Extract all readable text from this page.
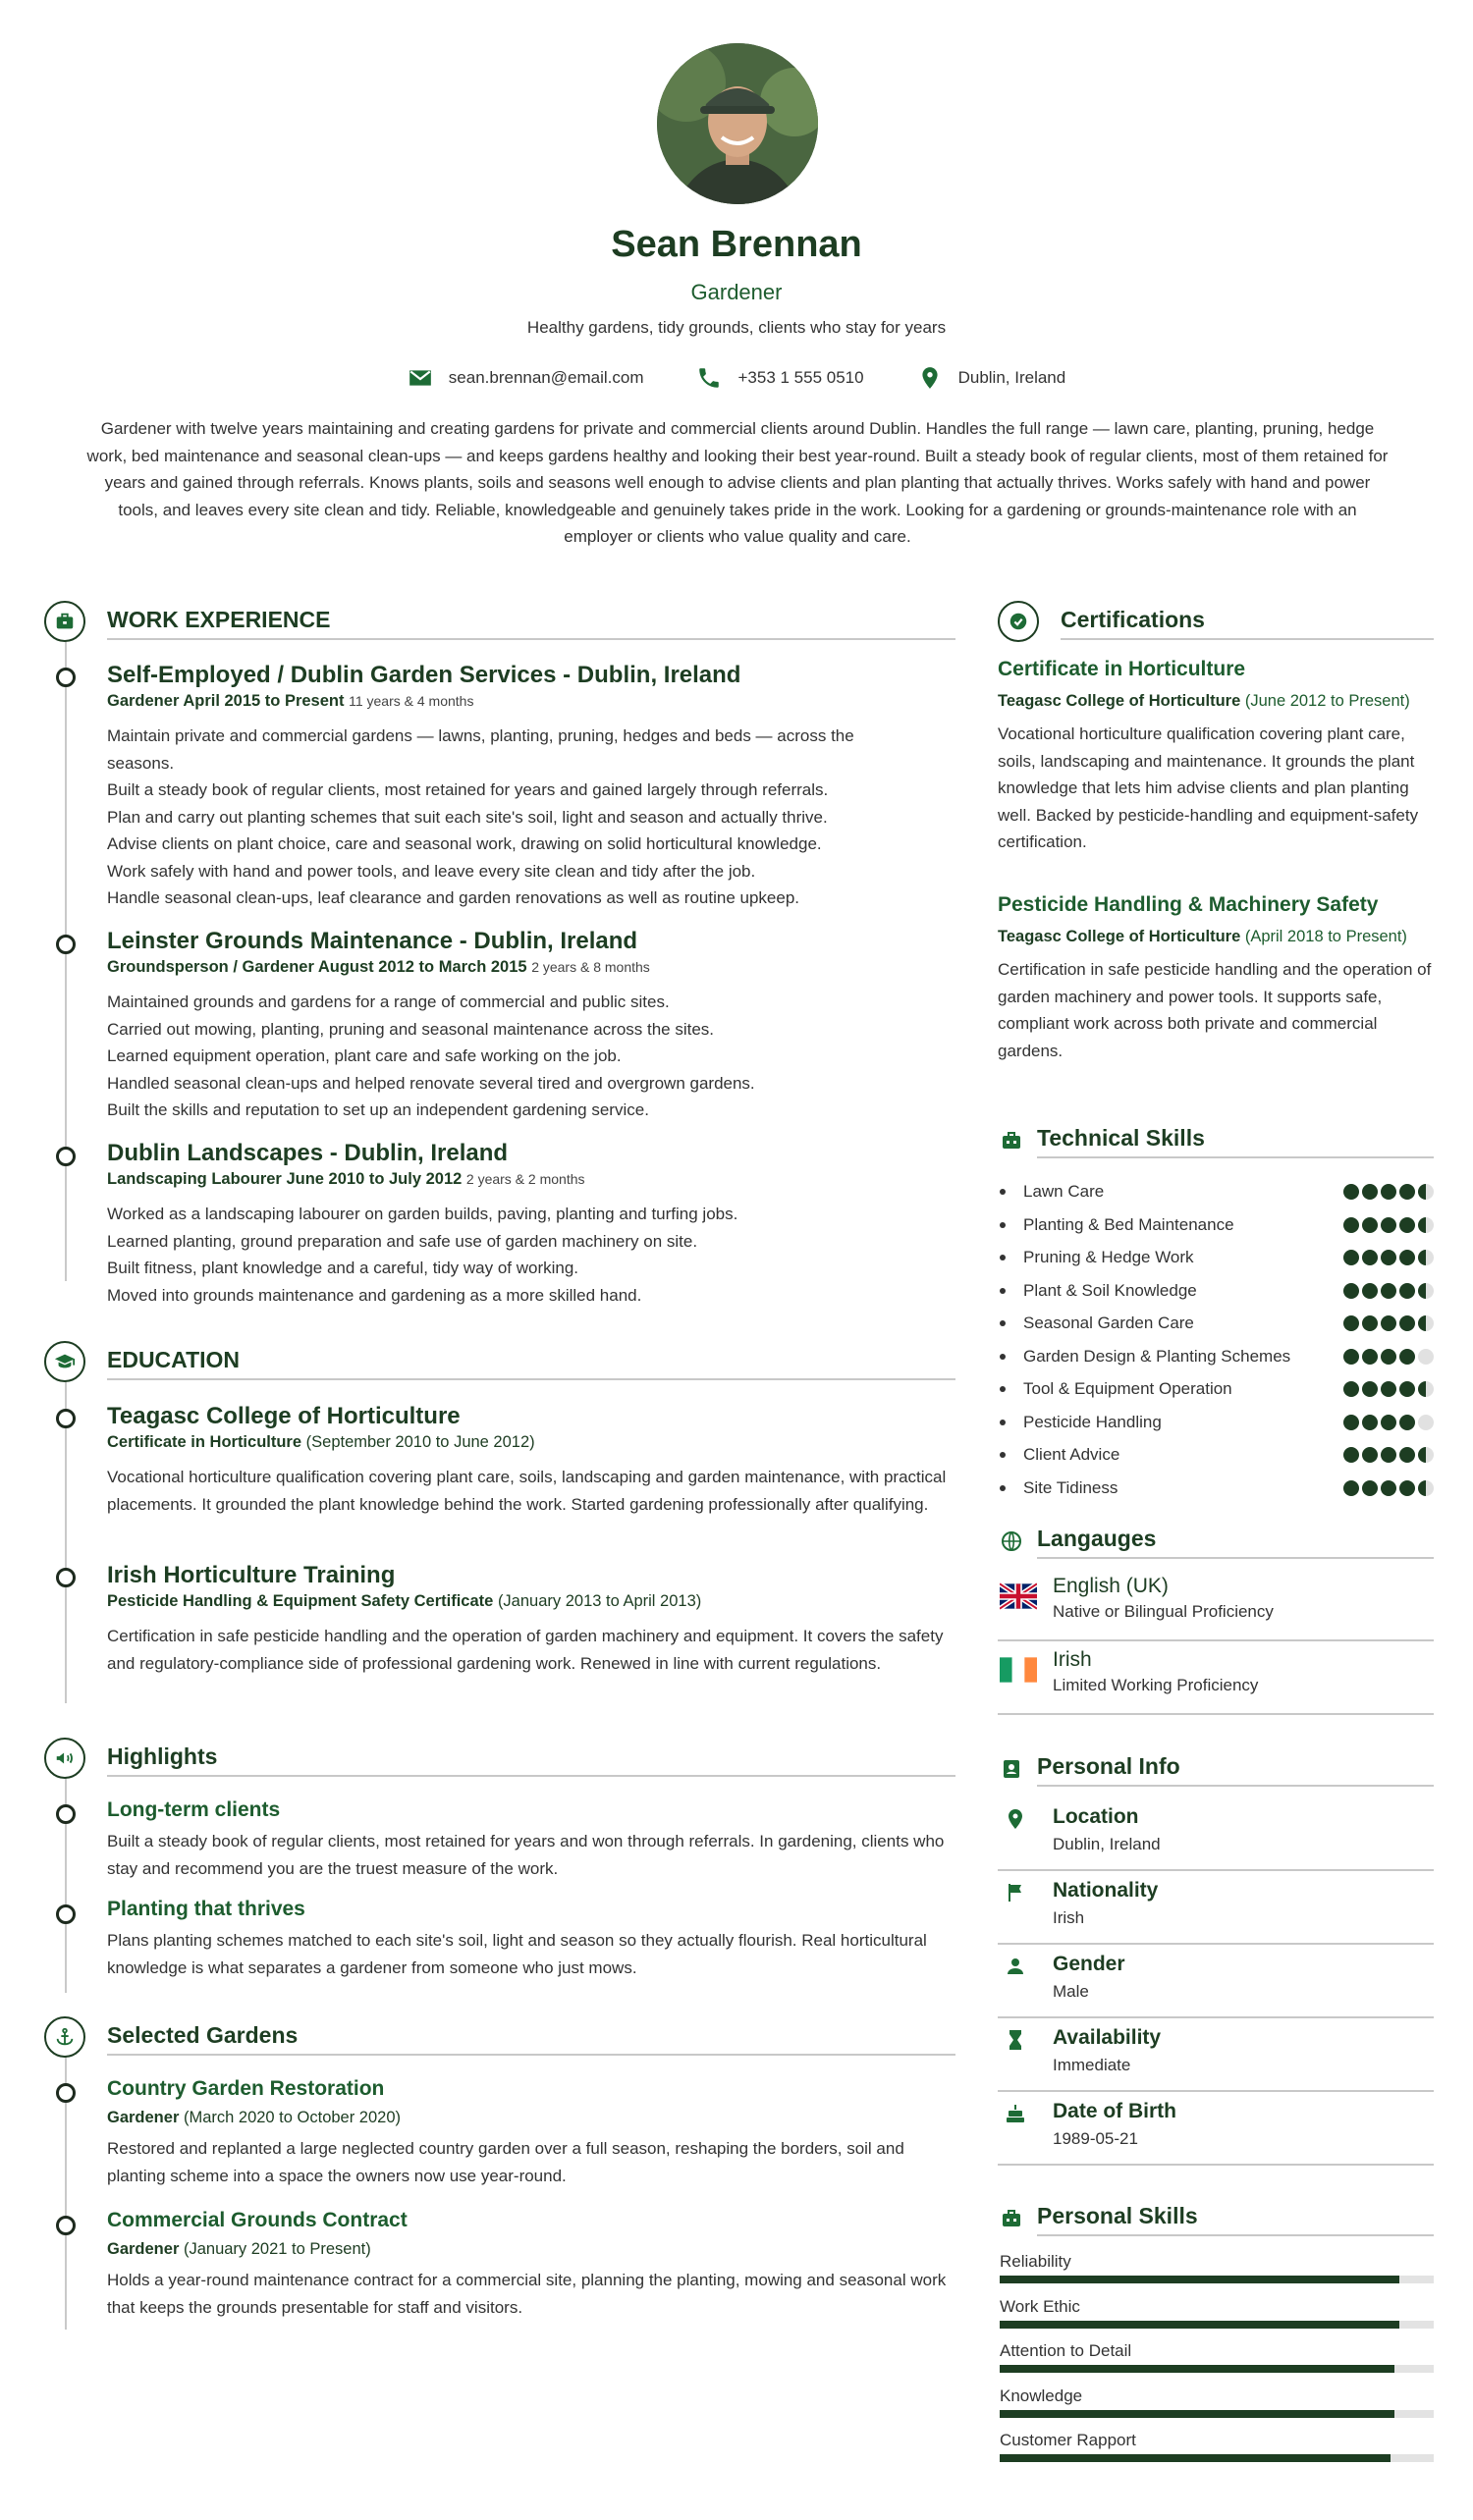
Sean Brennan
Gardener
Healthy gardens, tidy grounds, clients who stay for years
sean.brennan@email.com	+353 1 555 0510	Dublin, Ireland
Gardener with twelve years maintaining and creating gardens for private and commercial clients around Dublin. Handles the full range — lawn care, planting, pruning, hedge work, bed maintenance and seasonal clean-ups — and keeps gardens healthy and looking their best year-round. Built a steady book of regular clients, most of them retained for years and gained through referrals. Knows plants, soils and seasons well enough to advise clients and plan planting that actually thrives. Works safely with hand and power tools, and leaves every site clean and tidy. Reliable, knowledgeable and genuinely takes pride in the work. Looking for a gardening or grounds-maintenance role with an employer or clients who value quality and care.
WORK EXPERIENCE
Self-Employed / Dublin Garden Services - Dublin, Ireland
Gardener April 2015 to Present 11 years & 4 months
Maintain private and commercial gardens — lawns, planting, pruning, hedges and beds — across the
seasons.
Built a steady book of regular clients, most retained for years and gained largely through referrals.
Plan and carry out planting schemes that suit each site's soil, light and season and actually thrive.
Advise clients on plant choice, care and seasonal work, drawing on solid horticultural knowledge.
Work safely with hand and power tools, and leave every site clean and tidy after the job.
Handle seasonal clean-ups, leaf clearance and garden renovations as well as routine upkeep.
Leinster Grounds Maintenance - Dublin, Ireland
Groundsperson / Gardener August 2012 to March 2015 2 years & 8 months
Maintained grounds and gardens for a range of commercial and public sites.
Carried out mowing, planting, pruning and seasonal maintenance across the sites.
Learned equipment operation, plant care and safe working on the job.
Handled seasonal clean-ups and helped renovate several tired and overgrown gardens.
Built the skills and reputation to set up an independent gardening service.
Dublin Landscapes - Dublin, Ireland
Landscaping Labourer June 2010 to July 2012 2 years & 2 months
Worked as a landscaping labourer on garden builds, paving, planting and turfing jobs.
Learned planting, ground preparation and safe use of garden machinery on site.
Built fitness, plant knowledge and a careful, tidy way of working.
Moved into grounds maintenance and gardening as a more skilled hand.
EDUCATION
Teagasc College of Horticulture
Certificate in Horticulture (September 2010 to June 2012)
Vocational horticulture qualification covering plant care, soils, landscaping and garden maintenance, with practical placements. It grounded the plant knowledge behind the work. Started gardening professionally after qualifying.
Irish Horticulture Training
Pesticide Handling & Equipment Safety Certificate (January 2013 to April 2013)
Certification in safe pesticide handling and the operation of garden machinery and equipment. It covers the safety and regulatory-compliance side of professional gardening work. Renewed in line with current regulations.
Highlights
Long-term clients
Built a steady book of regular clients, most retained for years and won through referrals. In gardening, clients who stay and recommend you are the truest measure of the work.
Planting that thrives
Plans planting schemes matched to each site's soil, light and season so they actually flourish. Real horticultural knowledge is what separates a gardener from someone who just mows.
Selected Gardens
Country Garden Restoration
Gardener (March 2020 to October 2020)
Restored and replanted a large neglected country garden over a full season, reshaping the borders, soil and planting scheme into a space the owners now use year-round.
Commercial Grounds Contract
Gardener (January 2021 to Present)
Holds a year-round maintenance contract for a commercial site, planning the planting, mowing and seasonal work that keeps the grounds presentable for staff and visitors.
Certifications
Certificate in Horticulture
Teagasc College of Horticulture (June 2012 to Present)
Vocational horticulture qualification covering plant care, soils, landscaping and maintenance. It grounds the plant knowledge that lets him advise clients and plan planting well. Backed by pesticide-handling and equipment-safety certification.
Pesticide Handling & Machinery Safety
Teagasc College of Horticulture (April 2018 to Present)
Certification in safe pesticide handling and the operation of garden machinery and power tools. It supports safe, compliant work across both private and commercial gardens.
Technical Skills
Lawn Care
Planting & Bed Maintenance
Pruning & Hedge Work
Plant & Soil Knowledge
Seasonal Garden Care
Garden Design & Planting Schemes
Tool & Equipment Operation
Pesticide Handling
Client Advice
Site Tidiness
Langauges
English (UK)
Native or Bilingual Proficiency
Irish
Limited Working Proficiency
Personal Info
Location
Dublin, Ireland
Nationality
Irish
Gender
Male
Availability
Immediate
Date of Birth
1989-05-21
Personal Skills
Reliability
Work Ethic
Attention to Detail
Knowledge
Customer Rapport
